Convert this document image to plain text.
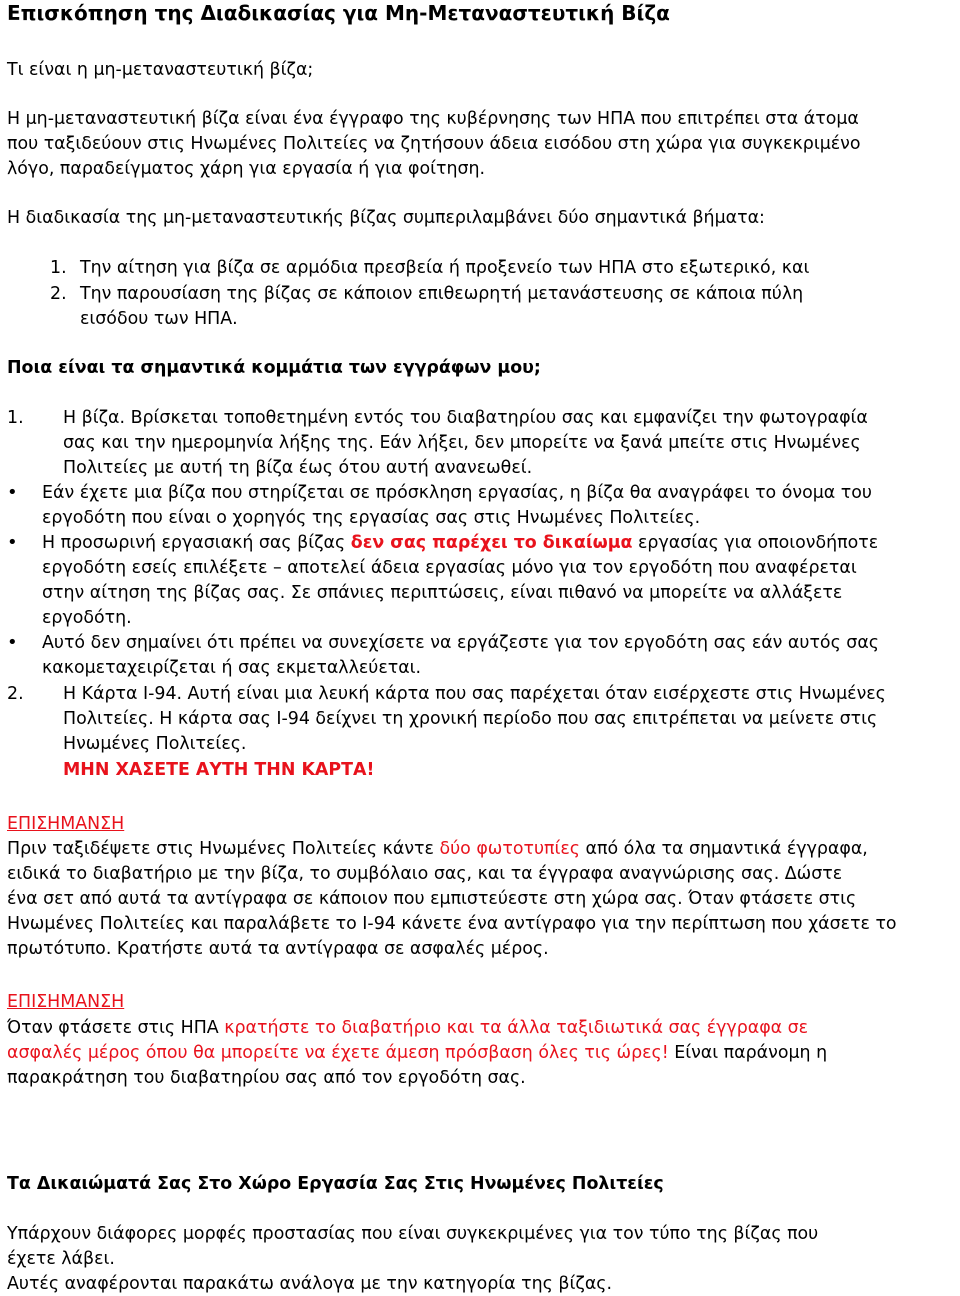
Επισκόπηση της Διαδικασίας για Μη-Μεταναστευτική Βίζα
Τι είναι η μη-μεταναστευτική βίζα;
Η μη-μεταναστευτική βίζα είναι ένα έγγραφο της κυβέρνησης των ΗΠΑ που επιτρέπει στα άτομα
που ταξιδεύουν στις Ηνωμένες Πολιτείες να ζητήσουν άδεια εισόδου στη χώρα για συγκεκριμένο
λόγο, παραδείγματος χάρη για εργασία ή για φοίτηση.
Η διαδικασία της μη-μεταναστευτικής βίζας συμπεριλαμβάνει δύο σημαντικά βήματα:
1. Την αίτηση για βίζα σε αρμόδια πρεσβεία ή προξενείο των ΗΠΑ στο εξωτερικό, και
2. Την παρουσίαση της βίζας σε κάποιον επιθεωρητή μετανάστευσης σε κάποια πύλη
εισόδου των ΗΠΑ.
Ποια είναι τα σημαντικά κομμάτια των εγγράφων μου;
1. Η βίζα. Βρίσκεται τοποθετημένη εντός του διαβατηρίου σας και εμφανίζει την φωτογραφία
σας και την ημερομηνία λήξης της. Εάν λήξει, δεν μπορείτε να ξανά μπείτε στις Ηνωμένες
Πολιτείες με αυτή τη βίζα έως ότου αυτή ανανεωθεί.
• Εάν έχετε μια βίζα που στηρίζεται σε πρόσκληση εργασίας, η βίζα θα αναγράφει το όνομα του
εργοδότη που είναι ο χορηγός της εργασίας σας στις Ηνωμένες Πολιτείες.
• Η προσωρινή εργασιακή σας βίζας δεν σας παρέχει το δικαίωμα εργασίας για οποιονδήποτε
εργοδότη εσείς επιλέξετε – αποτελεί άδεια εργασίας μόνο για τον εργοδότη που αναφέρεται
στην αίτηση της βίζας σας. Σε σπάνιες περιπτώσεις, είναι πιθανό να μπορείτε να αλλάξετε
εργοδότη.
• Αυτό δεν σημαίνει ότι πρέπει να συνεχίσετε να εργάζεστε για τον εργοδότη σας εάν αυτός σας
κακομεταχειρίζεται ή σας εκμεταλλεύεται.
2. Η Κάρτα I-94. Αυτή είναι μια λευκή κάρτα που σας παρέχεται όταν εισέρχεστε στις Ηνωμένες
Πολιτείες. Η κάρτα σας I-94 δείχνει τη χρονική περίοδο που σας επιτρέπεται να μείνετε στις
Ηνωμένες Πολιτείες.
ΜΗΝ ΧΑΣΕΤΕ ΑΥΤΗ ΤΗΝ ΚΑΡΤΑ!
ΕΠΙΣΗΜΑΝΣΗ
Πριν ταξιδέψετε στις Ηνωμένες Πολιτείες κάντε δύο φωτοτυπίες από όλα τα σημαντικά έγγραφα,
ειδικά το διαβατήριο με την βίζα, το συμβόλαιο σας, και τα έγγραφα αναγνώρισης σας. Δώστε
ένα σετ από αυτά τα αντίγραφα σε κάποιον που εμπιστεύεστε στη χώρα σας. Όταν φτάσετε στις
Ηνωμένες Πολιτείες και παραλάβετε το I-94 κάνετε ένα αντίγραφο για την περίπτωση που χάσετε το
πρωτότυπο. Κρατήστε αυτά τα αντίγραφα σε ασφαλές μέρος.
ΕΠΙΣΗΜΑΝΣΗ
Όταν φτάσετε στις ΗΠΑ κρατήστε το διαβατήριο και τα άλλα ταξιδιωτικά σας έγγραφα σε
ασφαλές μέρος όπου θα μπορείτε να έχετε άμεση πρόσβαση όλες τις ώρες! Είναι παράνομη η
παρακράτηση του διαβατηρίου σας από τον εργοδότη σας.
Τα Δικαιώματά Σας Στο Χώρο Εργασία Σας Στις Ηνωμένες Πολιτείες
Υπάρχουν διάφορες μορφές προστασίας που είναι συγκεκριμένες για τον τύπο της βίζας που
έχετε λάβει.
Αυτές αναφέρονται παρακάτω ανάλογα με την κατηγορία της βίζας.
